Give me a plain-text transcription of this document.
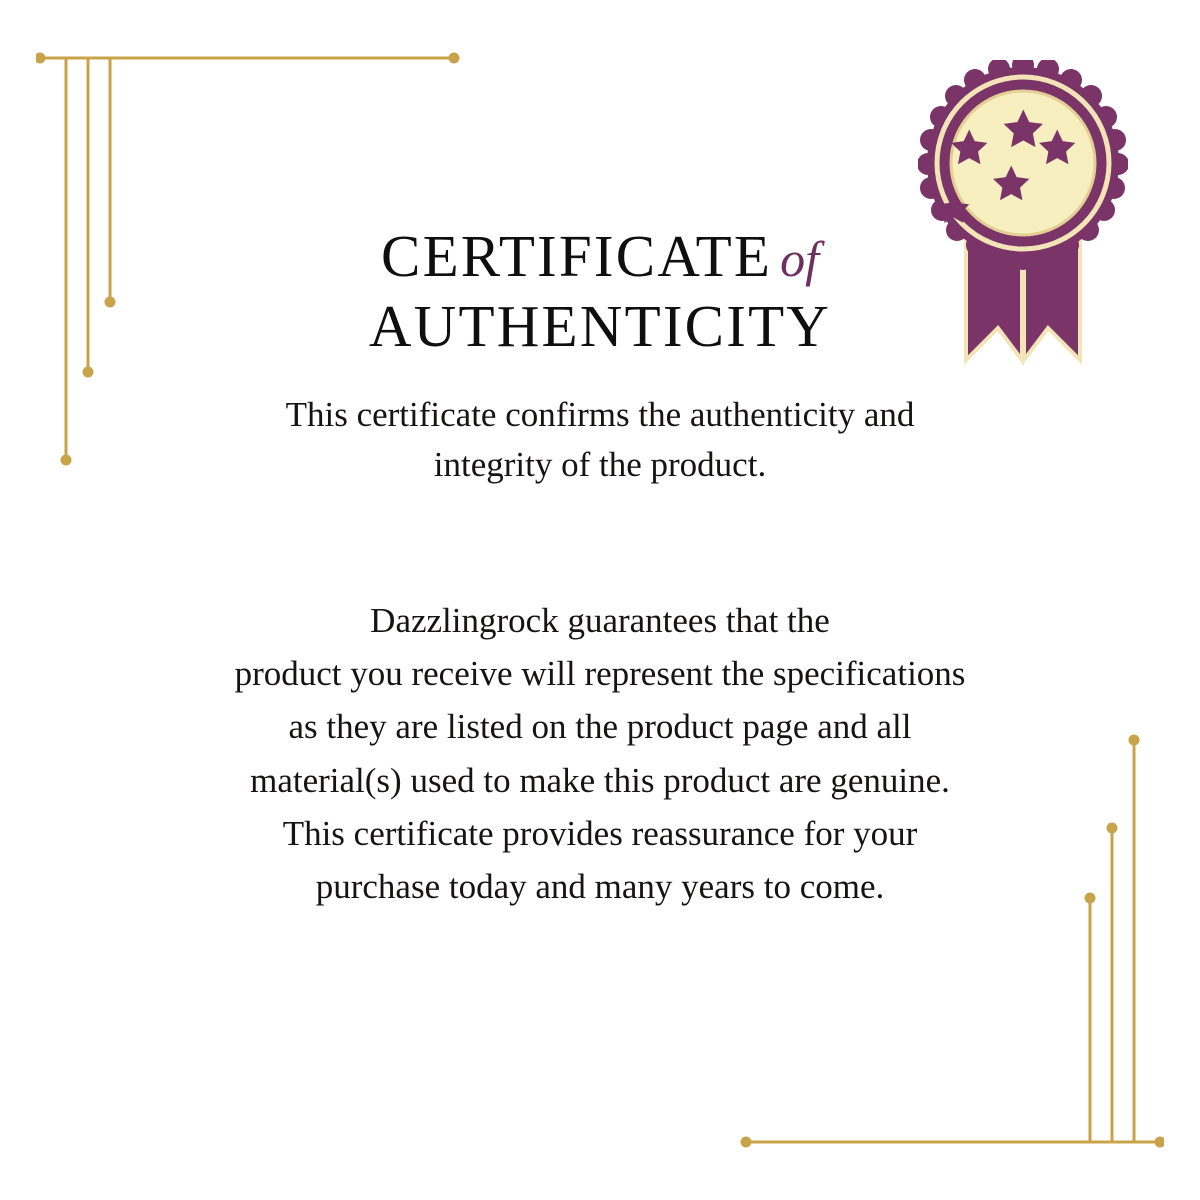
CERTIFICATE of
AUTHENTICITY
This certificate confirms the authenticity and
integrity of the product.
Dazzlingrock guarantees that the
product you receive will represent the specifications
as they are listed on the product page and all
material(s) used to make this product are genuine.
This certificate provides reassurance for your
purchase today and many years to come.
